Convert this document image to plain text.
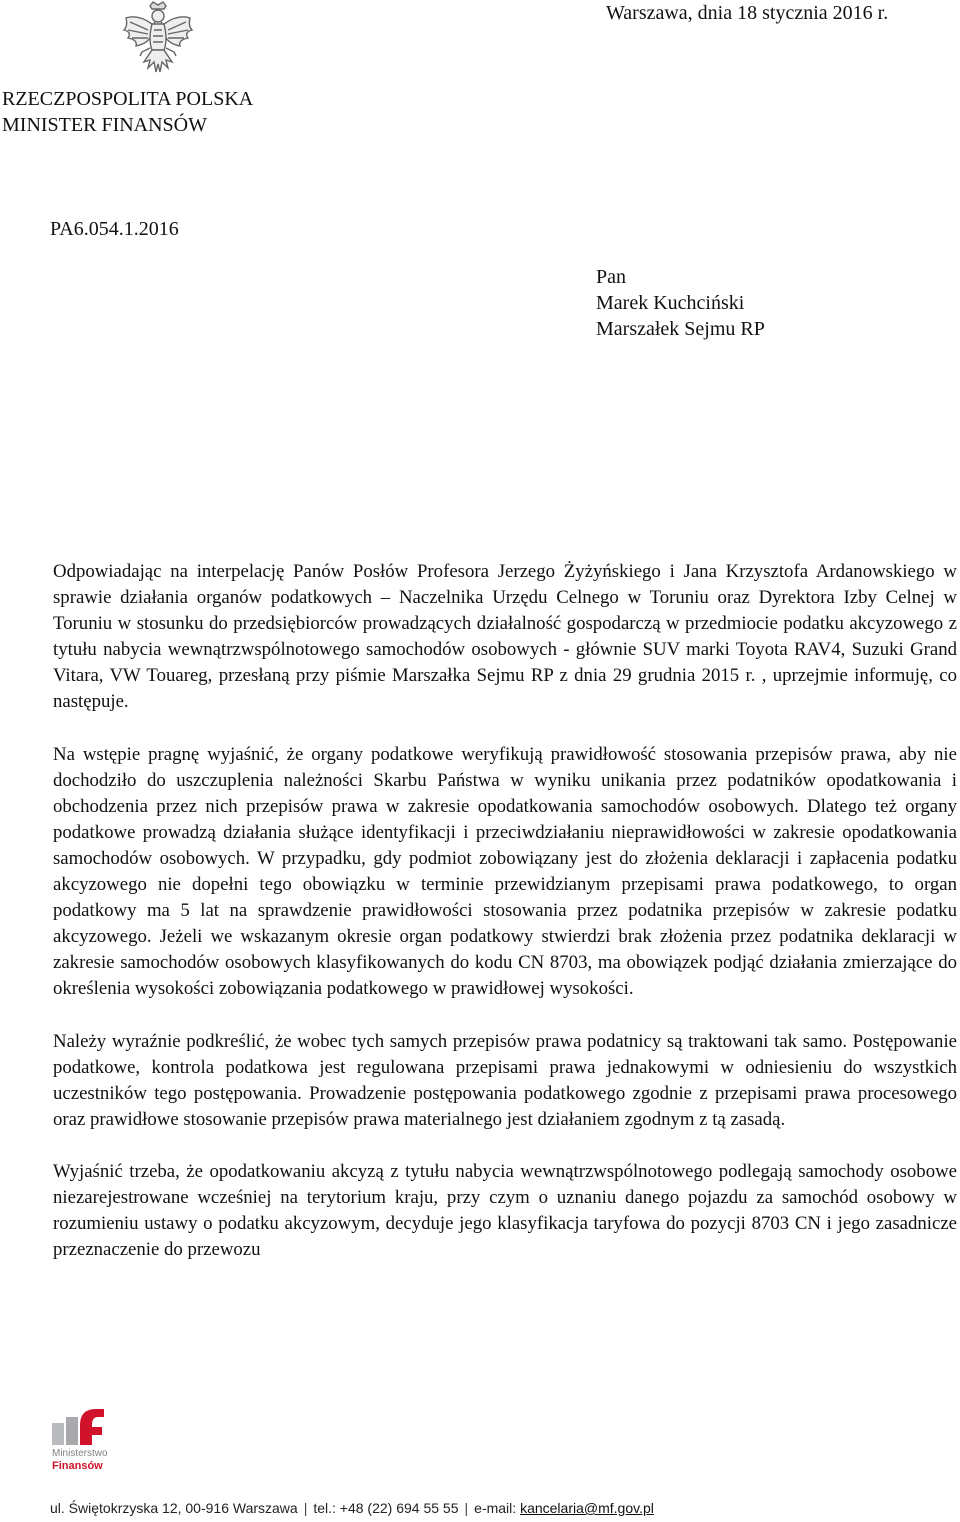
Warszawa, dnia 18 stycznia 2016 r.
RZECZPOSPOLITA POLSKA
MINISTER FINANSÓW
PA6.054.1.2016
Pan
Marek Kuchciński
Marszałek Sejmu RP

Odpowiadając na interpelację Panów Posłów Profesora Jerzego Żyżyńskiego i Jana Krzysztofa Ardanowskiego w sprawie działania organów podatkowych – Naczelnika Urzędu Celnego w Toruniu oraz Dyrektora Izby Celnej w Toruniu w stosunku do przedsiębiorców prowadzących działalność gospodarczą w przedmiocie podatku akcyzowego z tytułu nabycia wewnątrzwspólnotowego samochodów osobowych - głównie SUV marki Toyota RAV4, Suzuki Grand Vitara, VW Touareg, przesłaną przy piśmie Marszałka Sejmu RP z dnia 29 grudnia 2015 r. , uprzejmie informuję, co następuje.

Na wstępie pragnę wyjaśnić, że organy podatkowe weryfikują prawidłowość stosowania przepisów prawa, aby nie dochodziło do uszczuplenia należności Skarbu Państwa w wyniku unikania przez podatników opodatkowania i obchodzenia przez nich przepisów prawa w zakresie opodatkowania samochodów osobowych. Dlatego też organy podatkowe prowadzą działania służące identyfikacji i przeciwdziałaniu nieprawidłowości w zakresie opodatkowania samochodów osobowych. W przypadku, gdy podmiot zobowiązany jest do złożenia deklaracji i zapłacenia podatku akcyzowego nie dopełni tego obowiązku w terminie przewidzianym przepisami prawa podatkowego, to organ podatkowy ma 5 lat na sprawdzenie prawidłowości stosowania przez podatnika przepisów w zakresie podatku akcyzowego. Jeżeli we wskazanym okresie organ podatkowy stwierdzi brak złożenia przez podatnika deklaracji w zakresie samochodów osobowych klasyfikowanych do kodu CN 8703, ma obowiązek podjąć działania zmierzające do określenia wysokości zobowiązania podatkowego w prawidłowej wysokości.

Należy wyraźnie podkreślić, że wobec tych samych przepisów prawa podatnicy są traktowani tak samo. Postępowanie podatkowe, kontrola podatkowa jest regulowana przepisami prawa jednakowymi w odniesieniu do wszystkich uczestników tego postępowania. Prowadzenie postępowania podatkowego zgodnie z przepisami prawa procesowego oraz prawidłowe stosowanie przepisów prawa materialnego jest działaniem zgodnym z tą zasadą.

Wyjaśnić trzeba, że opodatkowaniu akcyzą z tytułu nabycia wewnątrzwspólnotowego podlegają samochody osobowe niezarejestrowane wcześniej na terytorium kraju, przy czym o uznaniu danego pojazdu za samochód osobowy w rozumieniu ustawy o podatku akcyzowym, decyduje jego klasyfikacja taryfowa do pozycji 8703 CN i jego zasadnicze przeznaczenie do przewozu

Ministerstwo
Finansów
ul. Świętokrzyska 12, 00-916 Warszawa | tel.: +48 (22) 694 55 55 | e-mail: kancelaria@mf.gov.pl
